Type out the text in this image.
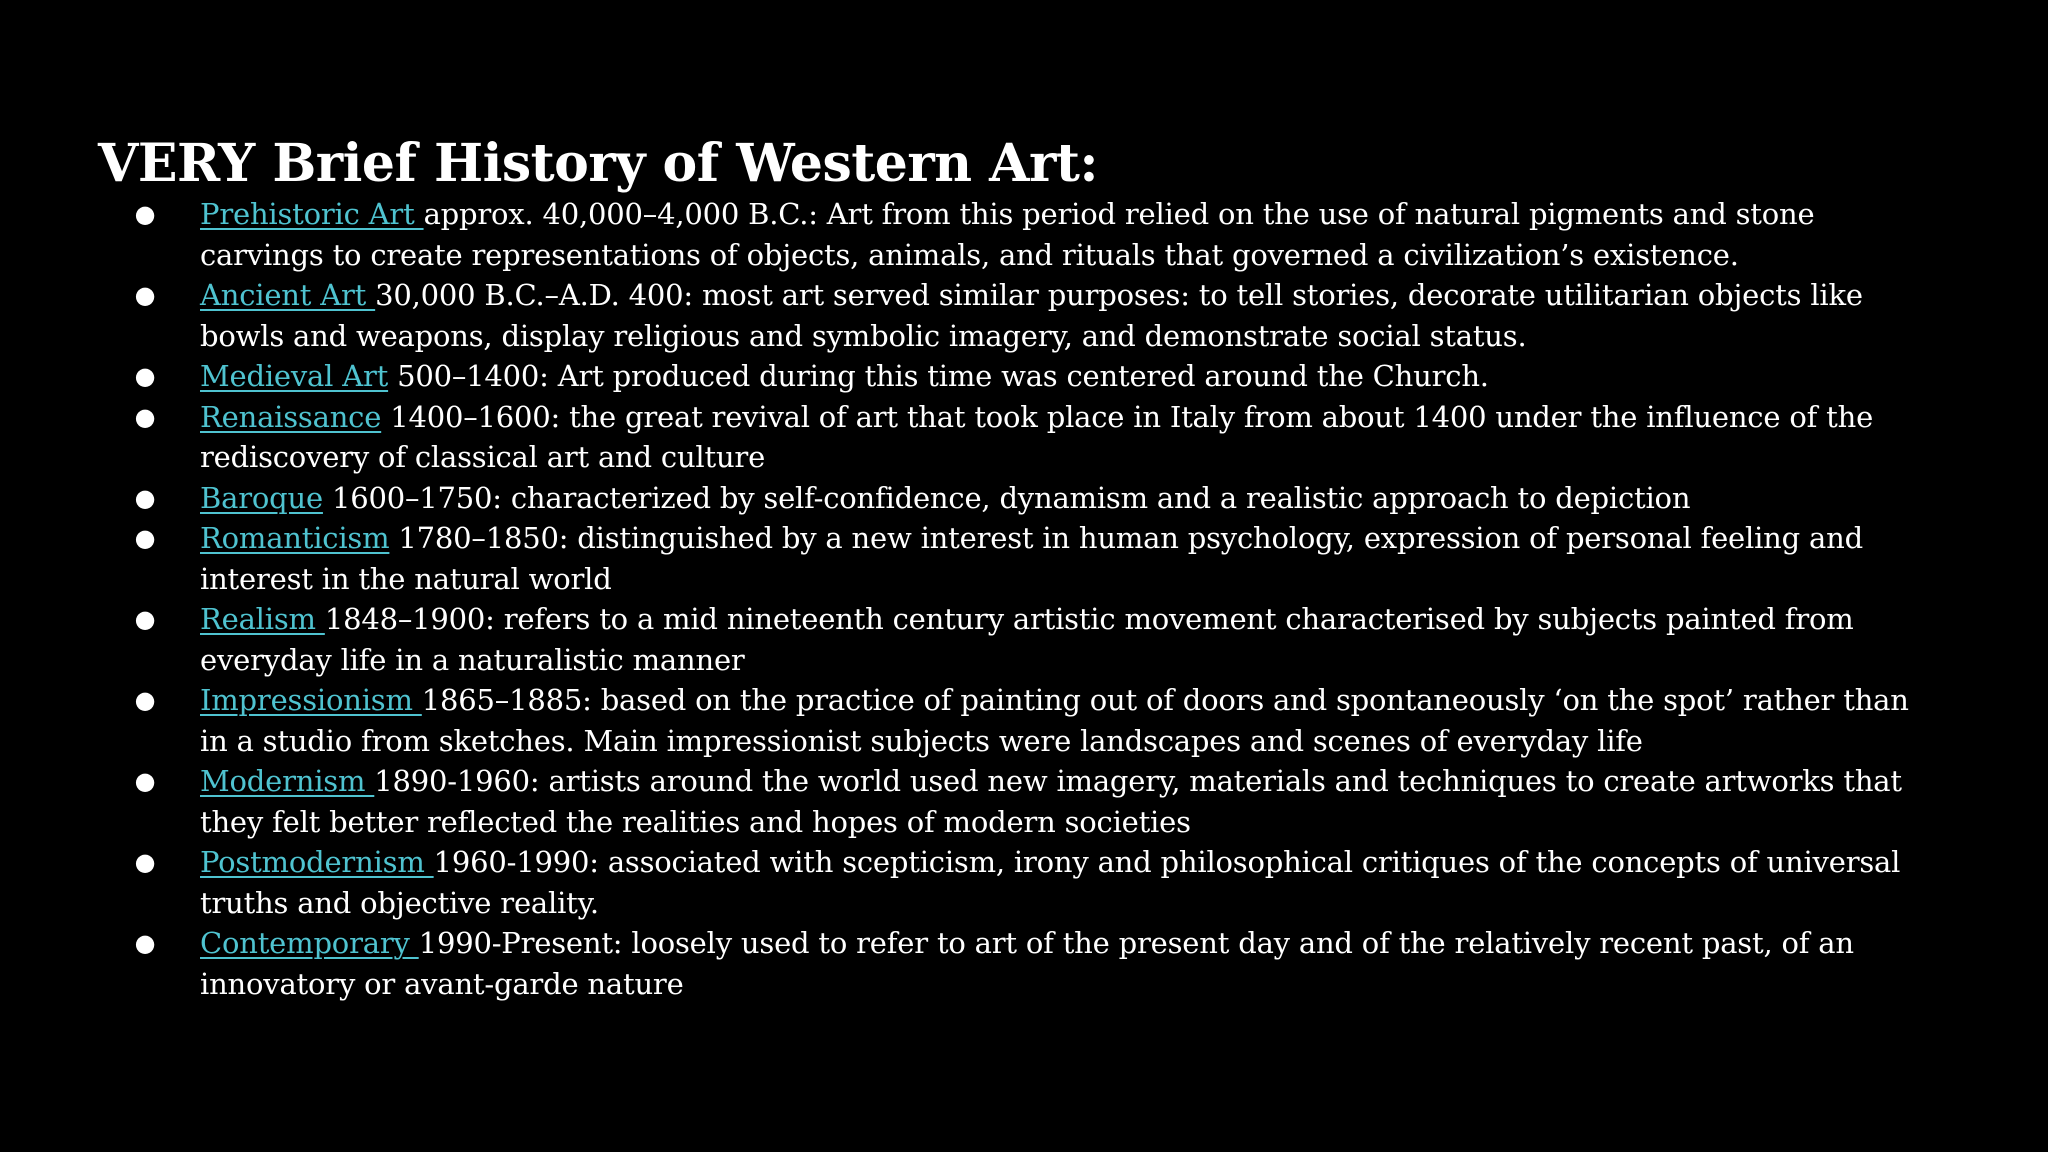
VERY Brief History of Western Art:
● Prehistoric Art approx. 40,000–4,000 B.C.: Art from this period relied on the use of natural pigments and stone carvings to create representations of objects, animals, and rituals that governed a civilization’s existence.
● Ancient Art 30,000 B.C.–A.D. 400: most art served similar purposes: to tell stories, decorate utilitarian objects like bowls and weapons, display religious and symbolic imagery, and demonstrate social status.
● Medieval Art 500–1400: Art produced during this time was centered around the Church.
● Renaissance 1400–1600: the great revival of art that took place in Italy from about 1400 under the influence of the rediscovery of classical art and culture
● Baroque 1600–1750: characterized by self-confidence, dynamism and a realistic approach to depiction
● Romanticism 1780–1850: distinguished by a new interest in human psychology, expression of personal feeling and interest in the natural world
● Realism 1848–1900: refers to a mid nineteenth century artistic movement characterised by subjects painted from everyday life in a naturalistic manner
● Impressionism 1865–1885: based on the practice of painting out of doors and spontaneously ‘on the spot’ rather than in a studio from sketches. Main impressionist subjects were landscapes and scenes of everyday life
● Modernism 1890-1960: artists around the world used new imagery, materials and techniques to create artworks that they felt better reflected the realities and hopes of modern societies
● Postmodernism 1960-1990: associated with scepticism, irony and philosophical critiques of the concepts of universal truths and objective reality.
● Contemporary 1990-Present: loosely used to refer to art of the present day and of the relatively recent past, of an innovatory or avant-garde nature
